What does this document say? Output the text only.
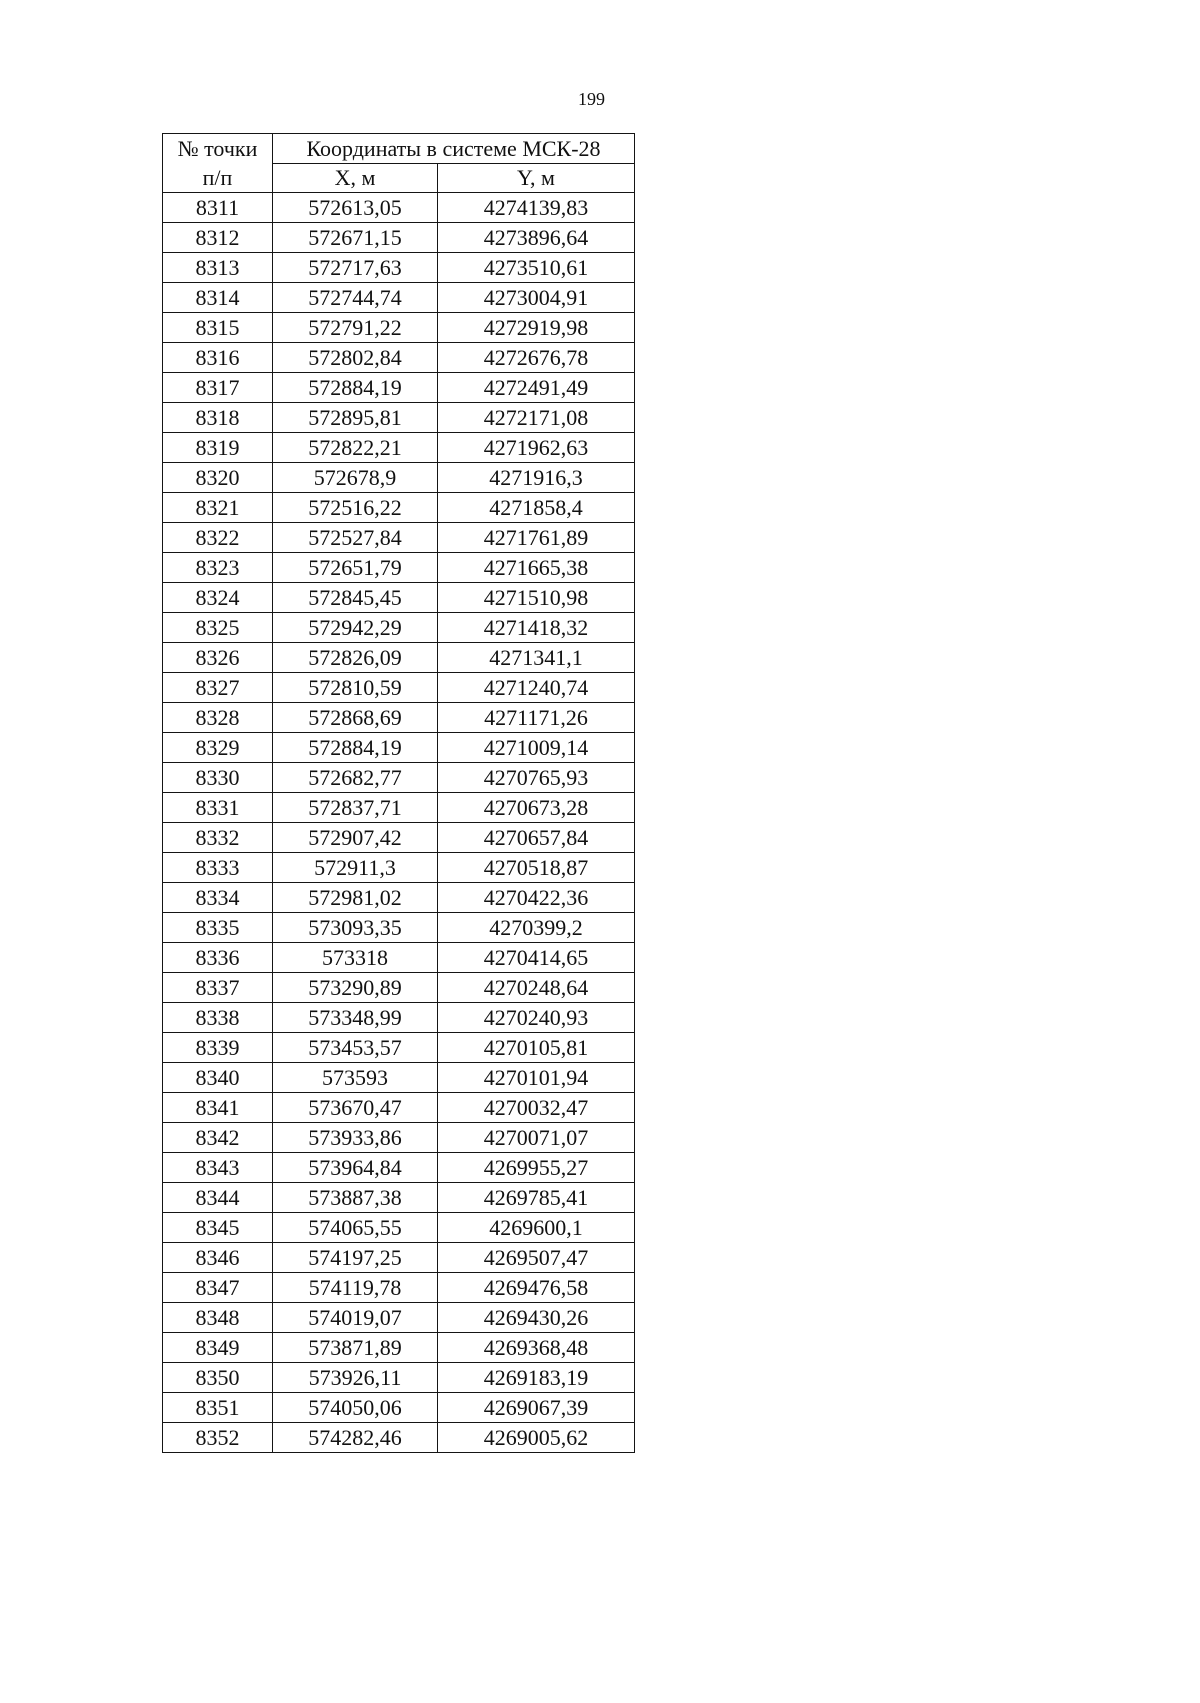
199
№ точки
п/п	Координаты в системе МСК-28	
	X, м	Y, м
8311	572613,05	4274139,83
8312	572671,15	4273896,64
8313	572717,63	4273510,61
8314	572744,74	4273004,91
8315	572791,22	4272919,98
8316	572802,84	4272676,78
8317	572884,19	4272491,49
8318	572895,81	4272171,08
8319	572822,21	4271962,63
8320	572678,9	4271916,3
8321	572516,22	4271858,4
8322	572527,84	4271761,89
8323	572651,79	4271665,38
8324	572845,45	4271510,98
8325	572942,29	4271418,32
8326	572826,09	4271341,1
8327	572810,59	4271240,74
8328	572868,69	4271171,26
8329	572884,19	4271009,14
8330	572682,77	4270765,93
8331	572837,71	4270673,28
8332	572907,42	4270657,84
8333	572911,3	4270518,87
8334	572981,02	4270422,36
8335	573093,35	4270399,2
8336	573318	4270414,65
8337	573290,89	4270248,64
8338	573348,99	4270240,93
8339	573453,57	4270105,81
8340	573593	4270101,94
8341	573670,47	4270032,47
8342	573933,86	4270071,07
8343	573964,84	4269955,27
8344	573887,38	4269785,41
8345	574065,55	4269600,1
8346	574197,25	4269507,47
8347	574119,78	4269476,58
8348	574019,07	4269430,26
8349	573871,89	4269368,48
8350	573926,11	4269183,19
8351	574050,06	4269067,39
8352	574282,46	4269005,62
